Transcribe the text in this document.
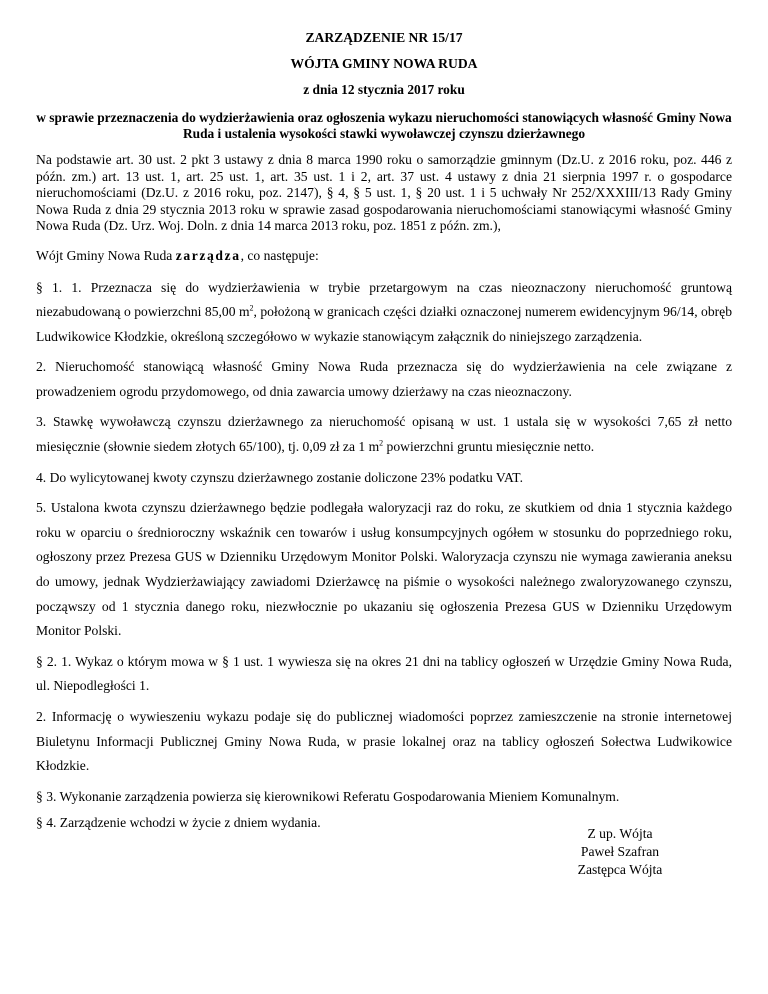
ZARZĄDZENIE NR 15/17
WÓJTA GMINY NOWA RUDA
z dnia 12 stycznia 2017 roku
w sprawie przeznaczenia do wydzierżawienia oraz ogłoszenia wykazu nieruchomości stanowiących własność Gminy Nowa Ruda i ustalenia wysokości stawki wywoławczej czynszu dzierżawnego

Na podstawie art. 30 ust. 2 pkt 3 ustawy z dnia 8 marca 1990 roku o samorządzie gminnym (Dz.U. z 2016 roku, poz. 446 z późn. zm.) art. 13 ust. 1, art. 25 ust. 1, art. 35 ust. 1 i 2, art. 37 ust. 4 ustawy z dnia 21 sierpnia 1997 r. o gospodarce nieruchomościami (Dz.U. z 2016 roku, poz. 2147), § 4, § 5 ust. 1, § 20 ust. 1 i 5 uchwały Nr 252/XXXIII/13 Rady Gminy Nowa Ruda z dnia 29 stycznia 2013 roku w sprawie zasad gospodarowania nieruchomościami stanowiącymi własność Gminy Nowa Ruda (Dz. Urz. Woj. Doln. z dnia 14 marca 2013 roku, poz. 1851 z późn. zm.),

Wójt Gminy Nowa Ruda zarządza, co następuje:

§ 1. 1. Przeznacza się do wydzierżawienia w trybie przetargowym na czas nieoznaczony nieruchomość gruntową niezabudowaną o powierzchni 85,00 $m^2$, położoną w granicach części działki oznaczonej numerem ewidencyjnym 96/14, obręb Ludwikowice Kłodzkie, określoną szczegółowo w wykazie stanowiącym załącznik do niniejszego zarządzenia.

2. Nieruchomość stanowiącą własność Gminy Nowa Ruda przeznacza się do wydzierżawienia na cele związane z prowadzeniem ogrodu przydomowego, od dnia zawarcia umowy dzierżawy na czas nieoznaczony.

3. Stawkę wywoławczą czynszu dzierżawnego za nieruchomość opisaną w ust. 1 ustala się w wysokości 7,65 zł netto miesięcznie (słownie siedem złotych 65/100), tj. 0,09 zł za 1 $m^2$ powierzchni gruntu miesięcznie netto.

4. Do wylicytowanej kwoty czynszu dzierżawnego zostanie doliczone 23% podatku VAT.

5. Ustalona kwota czynszu dzierżawnego będzie podlegała waloryzacji raz do roku, ze skutkiem od dnia 1 stycznia każdego roku w oparciu o średnioroczny wskaźnik cen towarów i usług konsumpcyjnych ogółem w stosunku do poprzedniego roku, ogłoszony przez Prezesa GUS w Dzienniku Urzędowym Monitor Polski. Waloryzacja czynszu nie wymaga zawierania aneksu do umowy, jednak Wydzierżawiający zawiadomi Dzierżawcę na piśmie o wysokości należnego zwaloryzowanego czynszu, począwszy od 1 stycznia danego roku, niezwłocznie po ukazaniu się ogłoszenia Prezesa GUS w Dzienniku Urzędowym Monitor Polski.

§ 2. 1. Wykaz o którym mowa w § 1 ust. 1 wywiesza się na okres 21 dni na tablicy ogłoszeń w Urzędzie Gminy Nowa Ruda, ul. Niepodległości 1.

2. Informację o wywieszeniu wykazu podaje się do publicznej wiadomości poprzez zamieszczenie na stronie internetowej Biuletynu Informacji Publicznej Gminy Nowa Ruda, w prasie lokalnej oraz na tablicy ogłoszeń Sołectwa Ludwikowice Kłodzkie.

§ 3. Wykonanie zarządzenia powierza się kierownikowi Referatu Gospodarowania Mieniem Komunalnym.

§ 4. Zarządzenie wchodzi w życie z dniem wydania.

Z up. Wójta
Paweł Szafran
Zastępca Wójta
